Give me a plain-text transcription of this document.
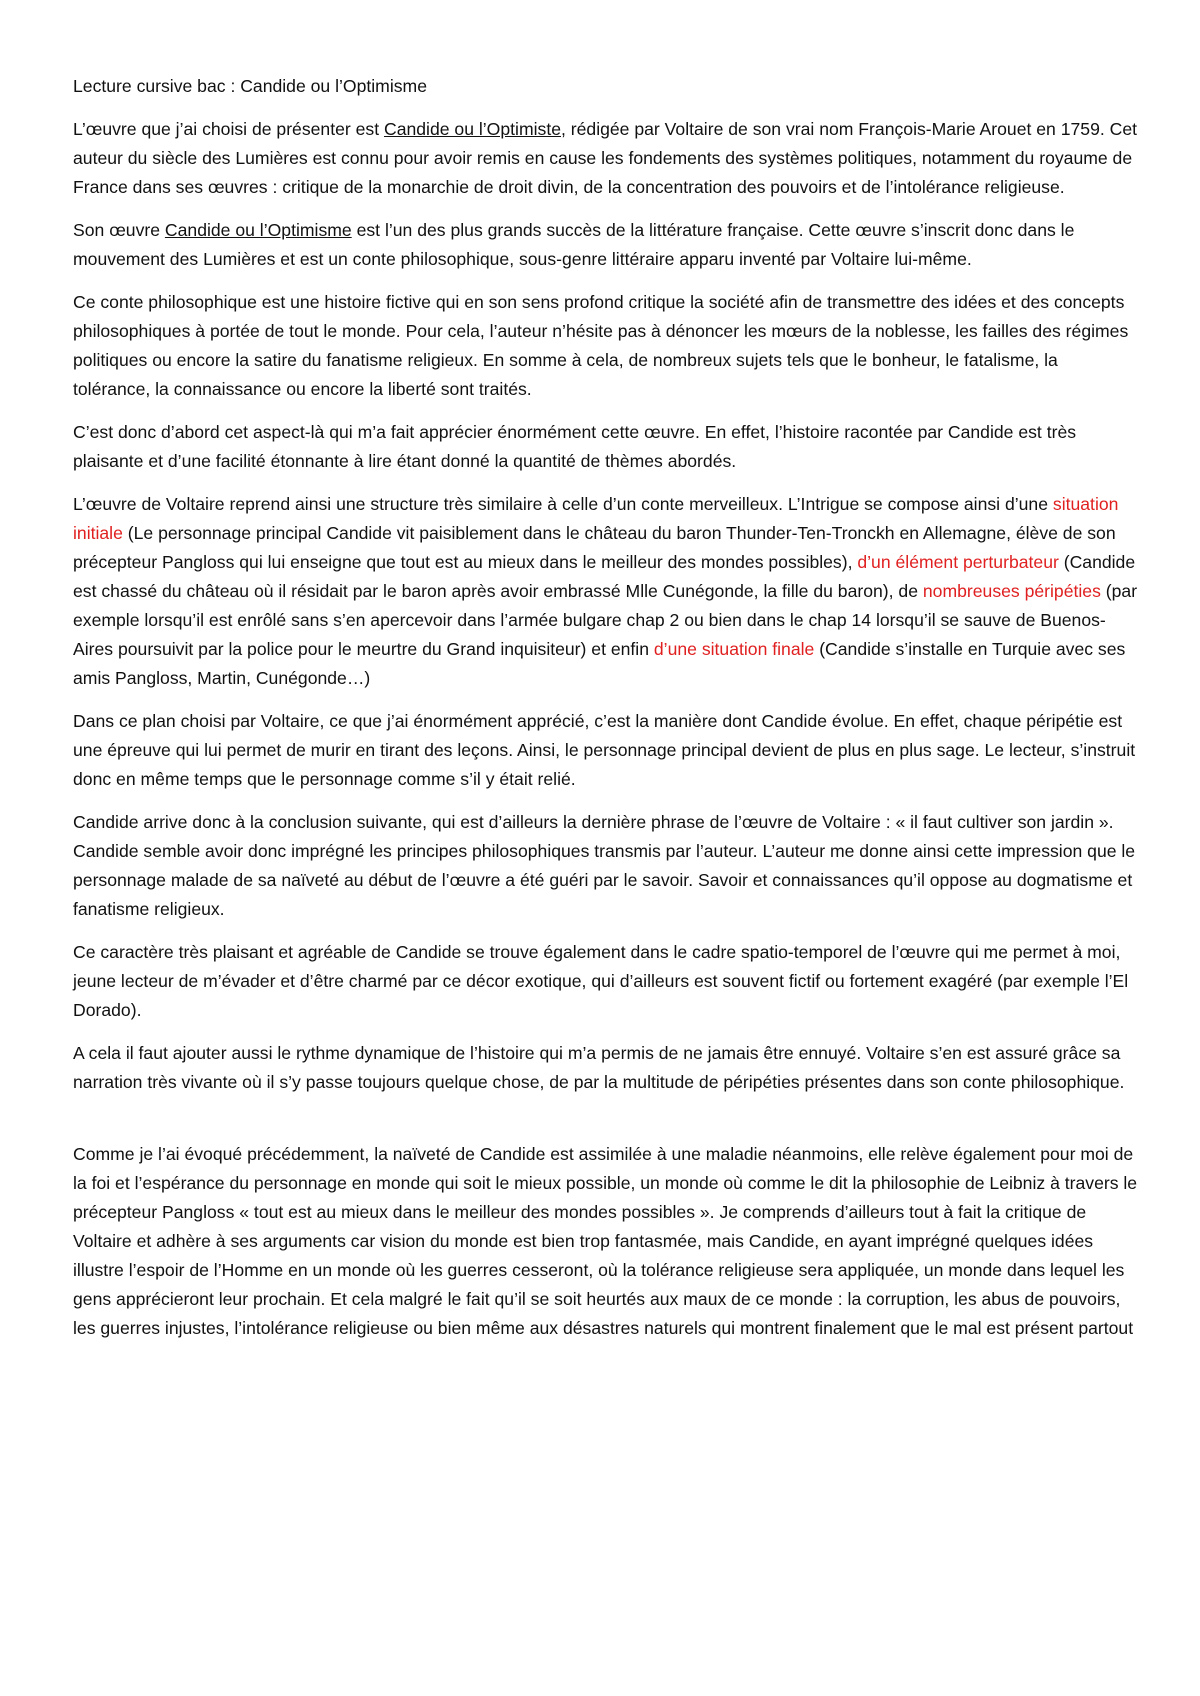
Lecture cursive bac : Candide ou l’Optimisme

L’œuvre que j’ai choisi de présenter est Candide ou l’Optimiste, rédigée par Voltaire de son vrai nom François-Marie Arouet en 1759. Cet auteur du siècle des Lumières est connu pour avoir remis en cause les fondements des systèmes politiques, notamment du royaume de France dans ses œuvres : critique de la monarchie de droit divin, de la concentration des pouvoirs et de l’intolérance religieuse.

Son œuvre Candide ou l’Optimisme est l’un des plus grands succès de la littérature française. Cette œuvre s’inscrit donc dans le mouvement des Lumières et est un conte philosophique, sous-genre littéraire apparu inventé par Voltaire lui-même.

Ce conte philosophique est une histoire fictive qui en son sens profond critique la société afin de transmettre des idées et des concepts philosophiques à portée de tout le monde. Pour cela, l’auteur n’hésite pas à dénoncer les mœurs de la noblesse, les failles des régimes politiques ou encore la satire du fanatisme religieux. En somme à cela, de nombreux sujets tels que le bonheur, le fatalisme, la tolérance, la connaissance ou encore la liberté sont traités.

C’est donc d’abord cet aspect-là qui m’a fait apprécier énormément cette œuvre. En effet, l’histoire racontée par Candide est très plaisante et d’une facilité étonnante à lire étant donné la quantité de thèmes abordés.

L’œuvre de Voltaire reprend ainsi une structure très similaire à celle d’un conte merveilleux. L’Intrigue se compose ainsi d’une situation initiale (Le personnage principal Candide vit paisiblement dans le château du baron Thunder-Ten-Tronckh en Allemagne, élève de son précepteur Pangloss qui lui enseigne que tout est au mieux dans le meilleur des mondes possibles), d’un élément perturbateur (Candide est chassé du château où il résidait par le baron après avoir embrassé Mlle Cunégonde, la fille du baron), de nombreuses péripéties (par exemple lorsqu’il est enrôlé sans s’en apercevoir dans l’armée bulgare chap 2 ou bien dans le chap 14 lorsqu’il se sauve de Buenos-Aires poursuivit par la police pour le meurtre du Grand inquisiteur) et enfin d’une situation finale (Candide s’installe en Turquie avec ses amis Pangloss, Martin, Cunégonde…)

Dans ce plan choisi par Voltaire, ce que j’ai énormément apprécié, c’est la manière dont Candide évolue. En effet, chaque péripétie est une épreuve qui lui permet de murir en tirant des leçons. Ainsi, le personnage principal devient de plus en plus sage. Le lecteur, s’instruit donc en même temps que le personnage comme s’il y était relié.

Candide arrive donc à la conclusion suivante, qui est d’ailleurs la dernière phrase de l’œuvre de Voltaire : « il faut cultiver son jardin ». Candide semble avoir donc imprégné les principes philosophiques transmis par l’auteur. L’auteur me donne ainsi cette impression que le personnage malade de sa naïveté au début de l’œuvre a été guéri par le savoir. Savoir et connaissances qu’il oppose au dogmatisme et fanatisme religieux.

Ce caractère très plaisant et agréable de Candide se trouve également dans le cadre spatio-temporel de l’œuvre qui me permet à moi, jeune lecteur de m’évader et d’être charmé par ce décor exotique, qui d’ailleurs est souvent fictif ou fortement exagéré (par exemple l’El Dorado).

A cela il faut ajouter aussi le rythme dynamique de l’histoire qui m’a permis de ne jamais être ennuyé. Voltaire s’en est assuré grâce sa narration très vivante où il s’y passe toujours quelque chose, de par la multitude de péripéties présentes dans son conte philosophique.

Comme je l’ai évoqué précédemment, la naïveté de Candide est assimilée à une maladie néanmoins, elle relève également pour moi de la foi et l’espérance du personnage en monde qui soit le mieux possible, un monde où comme le dit la philosophie de Leibniz à travers le précepteur Pangloss « tout est au mieux dans le meilleur des mondes possibles ». Je comprends d’ailleurs tout à fait la critique de Voltaire et adhère à ses arguments car vision du monde est bien trop fantasmée, mais Candide, en ayant imprégné quelques idées illustre l’espoir de l’Homme en un monde où les guerres cesseront, où la tolérance religieuse sera appliquée, un monde dans lequel les gens apprécieront leur prochain. Et cela malgré le fait qu’il se soit heurtés aux maux de ce monde : la corruption, les abus de pouvoirs, les guerres injustes, l’intolérance religieuse ou bien même aux désastres naturels qui montrent finalement que le mal est présent partout
